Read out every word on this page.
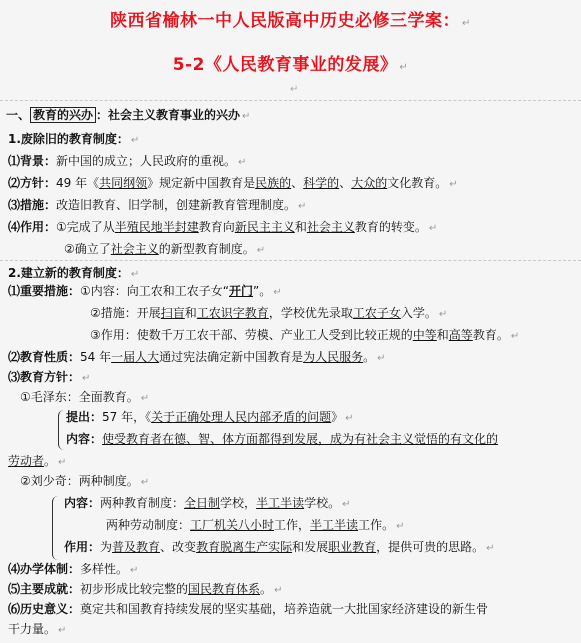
陕西省榆林一中人民版高中历史必修三学案： ↵
5-2《人民教育事业的发展》 ↵
↵
一、 教育的兴办 ：社会主义教育事业的兴办 ↵
1.废除旧的教育制度： ↵
⑴背景：新中国的成立；人民政府的重视。 ↵
⑵方针：49 年《共同纲领》规定新中国教育是民族的、科学的、大众的文化教育。 ↵
⑶措施：改造旧教育、旧学制，创建新教育管理制度。 ↵
⑷作用：①完成了从半殖民地半封建教育向新民主主义和社会主义教育的转变。 ↵
②确立了社会主义的新型教育制度。 ↵
2.建立新的教育制度： ↵
⑴重要措施：①内容：向工农和工农子女“开门”。 ↵
②措施：开展扫盲和工农识字教育，学校优先录取工农子女入学。 ↵
③作用：使数千万工农干部、劳模、产业工人受到比较正规的中等和高等教育。 ↵
⑵教育性质：54 年一届人大通过宪法确定新中国教育是为人民服务。 ↵
⑶教育方针： ↵
①毛泽东：全面教育。 ↵
提出：57 年，《关于正确处理人民内部矛盾的问题》 ↵
内容：使受教育者在德、智、体方面都得到发展，成为有社会主义觉悟的有文化的
劳动者。 ↵
②刘少奇：两种制度。 ↵
内容：两种教育制度：全日制学校，半工半读学校。 ↵
两种劳动制度：工厂机关八小时工作，半工半读工作。 ↵
作用：为普及教育、改变教育脱离生产实际和发展职业教育，提供可贵的思路。 ↵
⑷办学体制：多样性。 ↵
⑸主要成就：初步形成比较完整的国民教育体系。 ↵
⑹历史意义：奠定共和国教育持续发展的坚实基础，培养造就一大批国家经济建设的新生骨
干力量。 ↵
